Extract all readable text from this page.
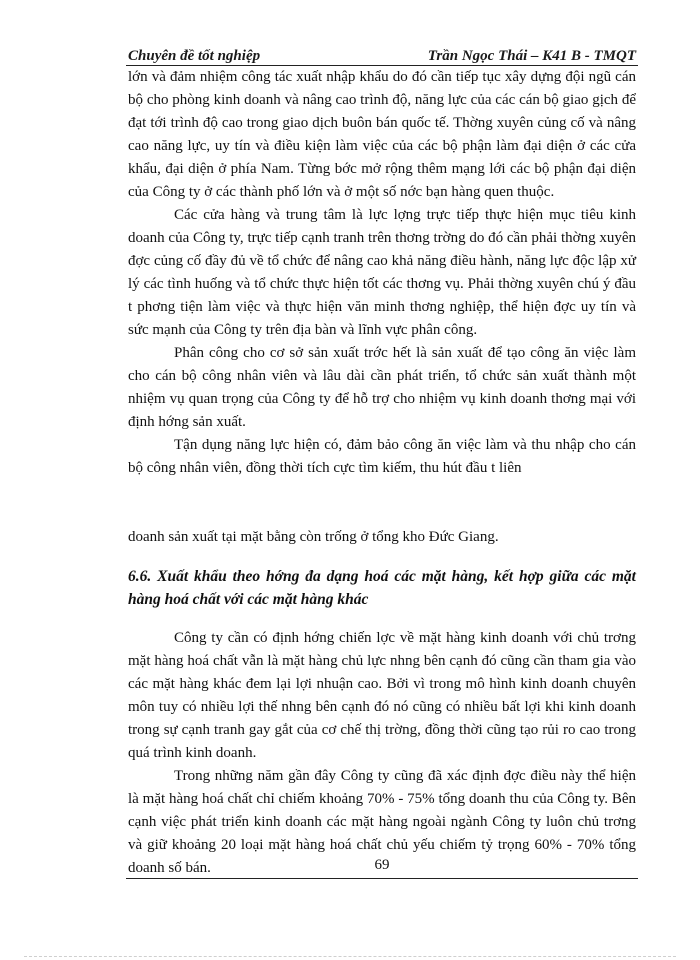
Chuyên đề tốt nghiệp	Trần Ngọc Thái – K41 B - TMQT

lớn và đảm nhiệm công tác xuất nhập khẩu do đó cần tiếp tục xây dựng đội ngũ cán bộ cho phòng kinh doanh và nâng cao trình độ, năng lực của các cán bộ giao gịch để đạt tới trình độ cao trong giao dịch buôn bán quốc tế. Thờng xuyên củng cố và nâng cao năng lực, uy tín và điều kiện làm việc của các bộ phận làm đại diện ở các cửa khẩu, đại diện ở phía Nam. Từng bớc mở rộng thêm mạng lới các bộ phận đại diện của Công ty ở các thành phố lớn và ở một số nớc bạn hàng quen thuộc.

Các cửa hàng và trung tâm là lực lợng trực tiếp thực hiện mục tiêu kinh doanh của Công ty, trực tiếp cạnh tranh trên thơng trờng do đó cần phải thờng xuyên đợc củng cố đầy đủ về tổ chức để nâng cao khả năng điều hành, năng lực độc lập xử lý các tình huống và tổ chức thực hiện tốt các thơng vụ. Phải thờng xuyên chú ý đầu t phơng tiện làm việc và thực hiện văn minh thơng nghiệp, thể hiện đợc uy tín và sức mạnh của Công ty trên địa bàn và lĩnh vực phân công.

Phân công cho cơ sở sản xuất trớc hết là sản xuất để tạo công ăn việc làm cho cán bộ công nhân viên và lâu dài cần phát triển, tổ chức sản xuất thành một nhiệm vụ quan trọng của Công ty để hỗ trợ cho nhiệm vụ kinh doanh thơng mại với định hớng sản xuất.

Tận dụng năng lực hiện có, đảm bảo công ăn việc làm và thu nhập cho cán bộ công nhân viên, đồng thời tích cực tìm kiếm, thu hút đầu t liên

doanh sản xuất tại mặt bằng còn trống ở tổng kho Đức Giang.

6.6. Xuất khẩu theo hớng đa dạng hoá các mặt hàng, kết hợp giữa các mặt hàng hoá chất với các mặt hàng khác

Công ty cần có định hớng chiến lợc về mặt hàng kinh doanh với chủ trơng mặt hàng hoá chất vẫn là mặt hàng chủ lực nhng bên cạnh đó cũng cần tham gia vào các mặt hàng khác đem lại lợi nhuận cao. Bởi vì trong mô hình kinh doanh chuyên môn tuy có nhiều lợi thế nhng bên cạnh đó nó cũng có nhiều bất lợi khi kinh doanh trong sự cạnh tranh gay gắt của cơ chế thị trờng, đồng thời cũng tạo rủi ro cao trong quá trình kinh doanh.

Trong những năm gần đây Công ty cũng đã xác định đợc điều này thể hiện là mặt hàng hoá chất chỉ chiếm khoảng 70% - 75% tổng doanh thu của Công ty. Bên cạnh việc phát triển kinh doanh các mặt hàng ngoài ngành Công ty luôn chủ trơng và giữ khoảng 20 loại mặt hàng hoá chất chủ yếu chiếm tỷ trọng 60% - 70% tổng doanh số bán.	69
